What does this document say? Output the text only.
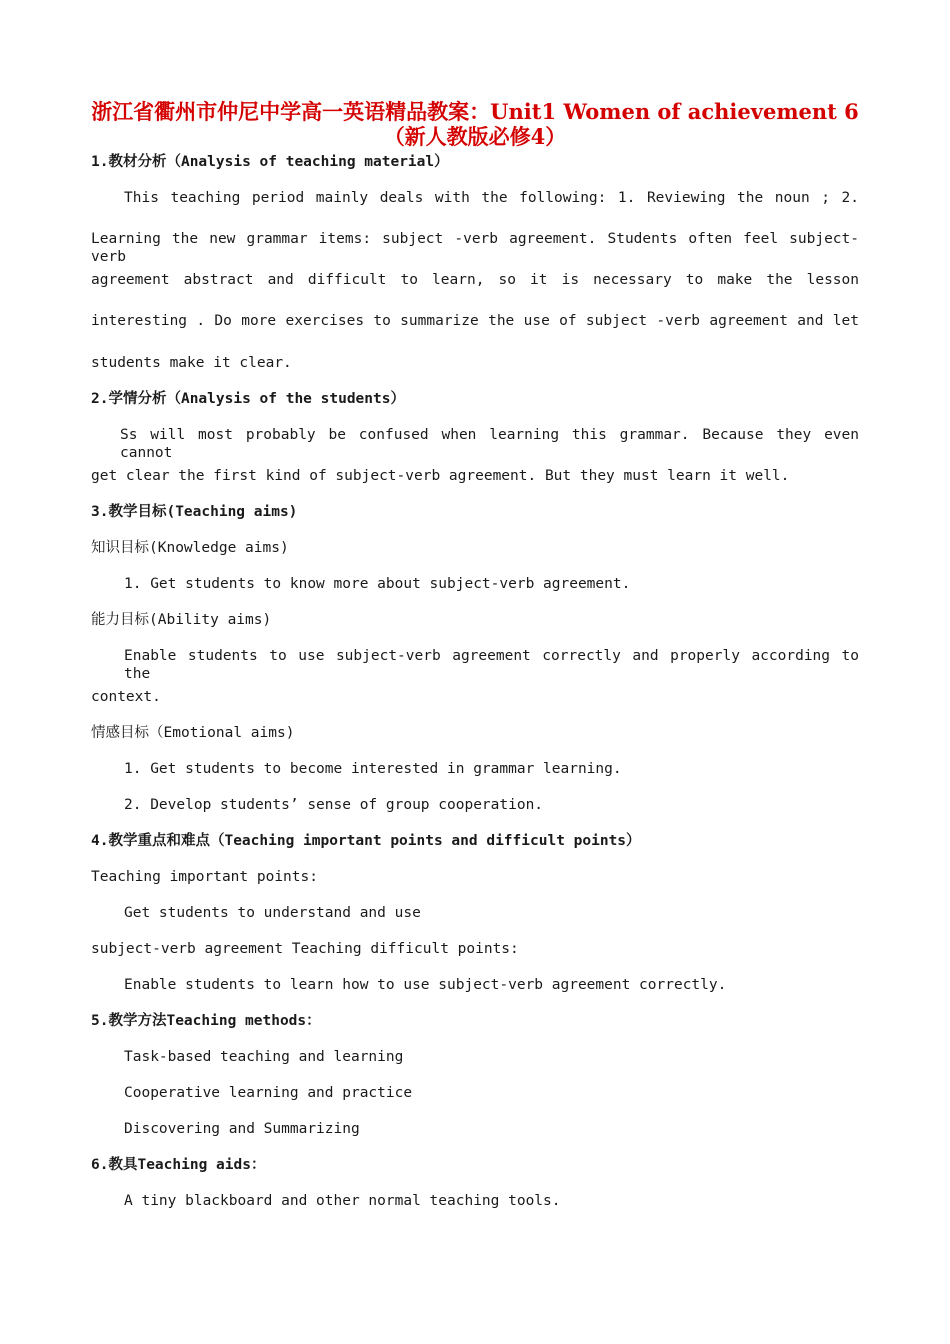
浙江省衢州市仲尼中学高一英语精品教案：Unit1 Women of achievement 6
（新人教版必修4）
1.教材分析（Analysis of teaching material）
This teaching period mainly deals with the following: 1. Reviewing the noun ; 2.
Learning the new grammar items: subject -verb agreement. Students often feel subject-verb
agreement abstract and difficult to learn, so it is necessary to make the lesson
interesting . Do more exercises to summarize the use of subject -verb agreement and let
students make it clear.
2.学情分析（Analysis of the students）
Ss will most probably be confused when learning this grammar. Because they even cannot
get clear the first kind of subject-verb agreement. But they must learn it well.
3.教学目标(Teaching aims)
知识目标(Knowledge aims)
1. Get students to know more about subject-verb agreement.
能力目标(Ability aims)
Enable students to use subject-verb agreement correctly and properly according to the
context.
情感目标（Emotional aims)
1. Get students to become interested in grammar learning.
2. Develop students’ sense of group cooperation.
4.教学重点和难点（Teaching important points and difficult points）
Teaching important points:
Get students to understand and use
subject-verb agreement Teaching difficult points:
Enable students to learn how to use subject-verb agreement correctly.
5.教学方法Teaching methods：
Task-based teaching and learning
Cooperative learning and practice
Discovering and Summarizing
6.教具Teaching aids：
A tiny blackboard and other normal teaching tools.
